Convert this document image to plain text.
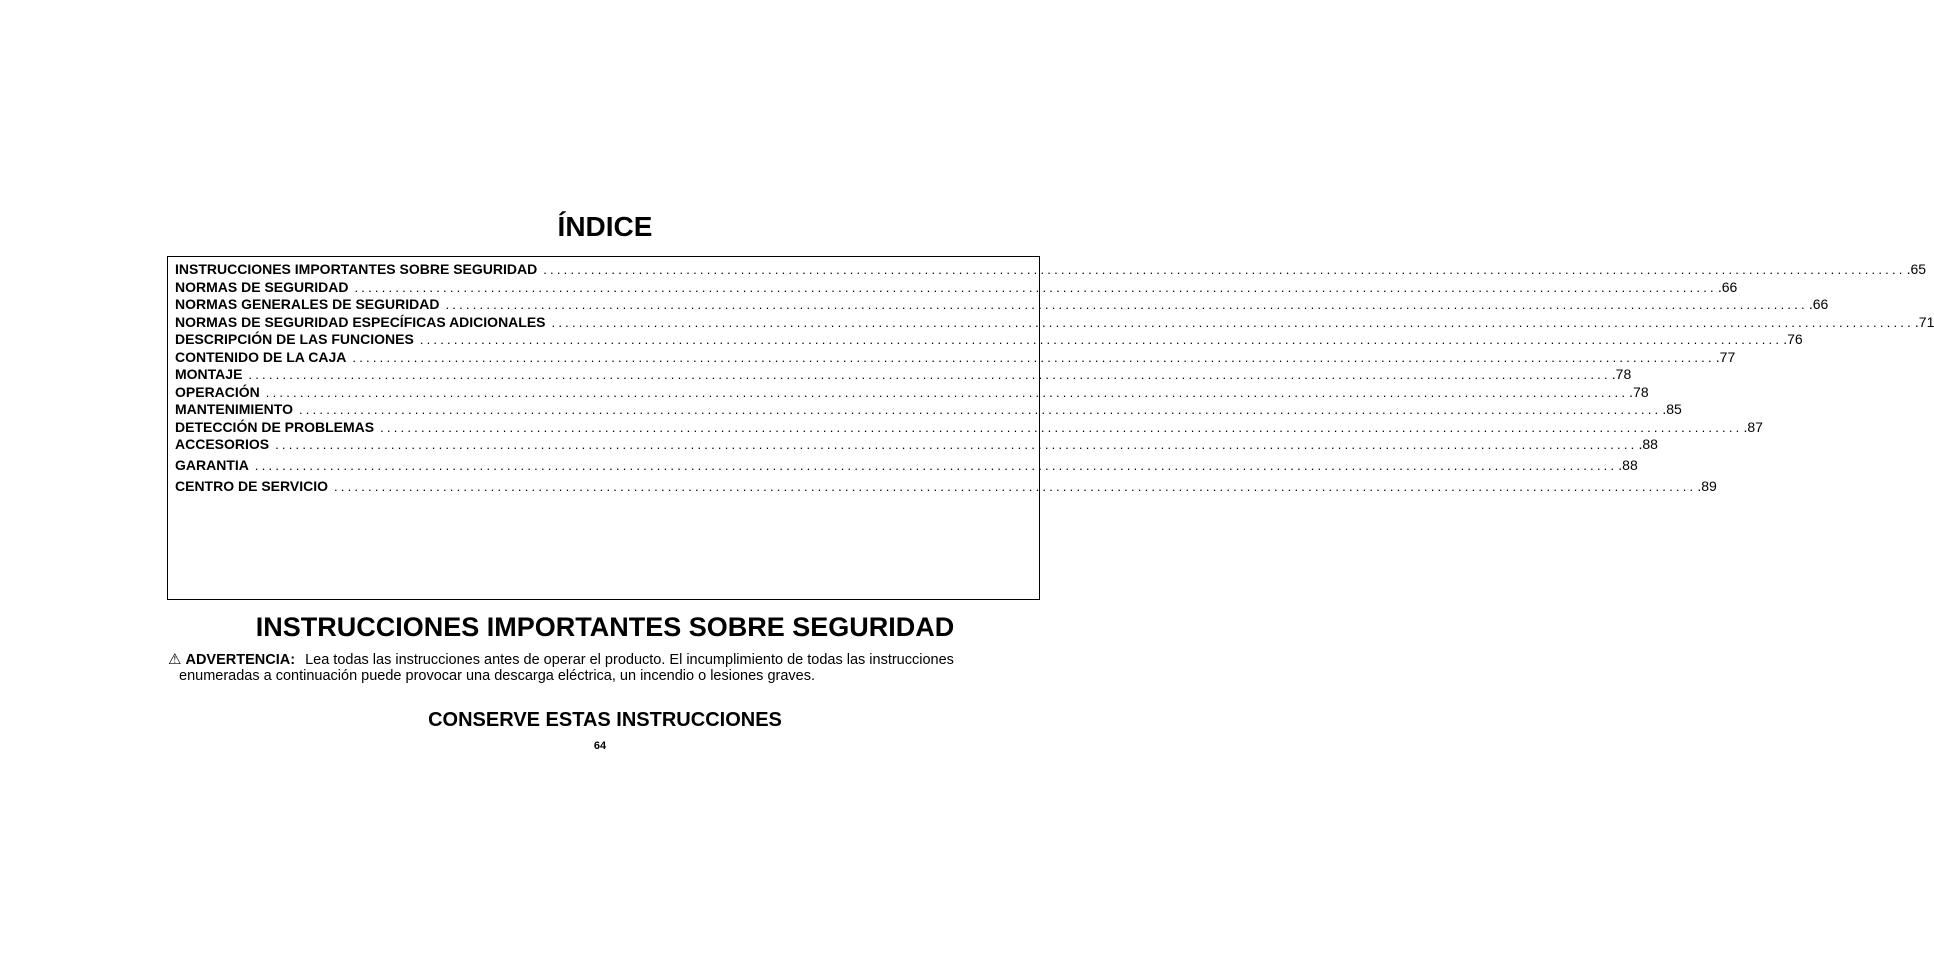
ÍNDICE
INSTRUCCIONES IMPORTANTES SOBRE SEGURIDAD ........................................................................................................................................................................................................ .65
NORMAS DE SEGURIDAD ........................................................................................................................................................................................................ .66
NORMAS GENERALES DE SEGURIDAD ........................................................................................................................................................................................................ .66
NORMAS DE SEGURIDAD ESPECÍFICAS ADICIONALES ........................................................................................................................................................................................................ .71
DESCRIPCIÓN DE LAS FUNCIONES ........................................................................................................................................................................................................ .76
CONTENIDO DE LA CAJA ........................................................................................................................................................................................................ .77
MONTAJE ........................................................................................................................................................................................................ .78
OPERACIÓN ........................................................................................................................................................................................................ .78
MANTENIMIENTO ........................................................................................................................................................................................................ .85
DETECCIÓN DE PROBLEMAS ........................................................................................................................................................................................................ .87
ACCESORIOS ........................................................................................................................................................................................................ .88
GARANTIA ........................................................................................................................................................................................................ .88
CENTRO DE SERVICIO ........................................................................................................................................................................................................ .89
INSTRUCCIONES IMPORTANTES SOBRE SEGURIDAD
⚠ ADVERTENCIA: Lea todas las instrucciones antes de operar el producto. El incumplimiento de todas las instrucciones
enumeradas a continuación puede provocar una descarga eléctrica, un incendio o lesiones graves.
CONSERVE ESTAS INSTRUCCIONES
64
